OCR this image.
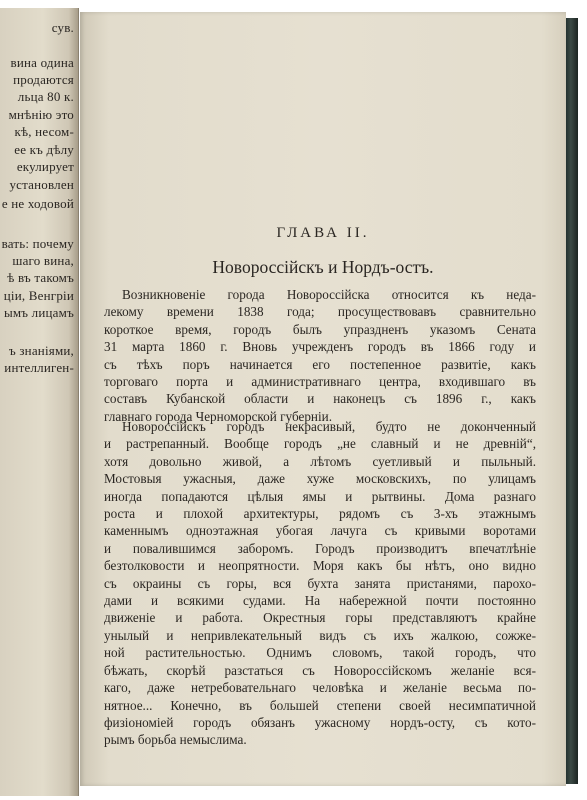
сув.
вина одина
продаются
льца 80 к.
мнѣнію это
кѣ, несом-
ее къ дѣлу
екулирует
установлен
е не ходовой
вать: почему
шаго вина,
ѣ въ такомъ
ціи, Венгріи
ымъ лицамъ
ъ знаніями,
интеллиген-
ГЛАВА II.
Новороссійскъ и Нордъ-остъ.
Возникновеніе города Новороссійска относится къ неда-
лекому времени 1838 года; просуществовавъ сравнительно
короткое время, городъ былъ упраздненъ указомъ Сената
31 марта 1860 г. Вновь учрежденъ городъ въ 1866 году и
съ тѣхъ поръ начинается его постепенное развитіе, какъ
торговаго порта и административнаго центра, входившаго въ
составъ Кубанской области и наконецъ съ 1896 г., какъ
главнаго города Черноморской губерніи.
Новороссійскъ городъ некрасивый, будто не доконченный
и растрепанный. Вообще городъ „не славный и не древній“,
хотя довольно живой, а лѣтомъ суетливый и пыльный.
Мостовыя ужасныя, даже хуже московскихъ, по улицамъ
иногда попадаются цѣлыя ямы и рытвины. Дома разнаго
роста и плохой архитектуры, рядомъ съ 3-хъ этажнымъ
каменнымъ одноэтажная убогая лачуга съ кривыми воротами
и повалившимся заборомъ. Городъ производитъ впечатлѣніе
безтолковости и неопрятности. Моря какъ бы нѣтъ, оно видно
съ окраины съ горы, вся бухта занята пристанями, парохо-
дами и всякими судами. На набережной почти постоянно
движеніе и работа. Окрестныя горы представляютъ крайне
унылый и непривлекательный видъ съ ихъ жалкою, сожже-
ной растительностью. Однимъ словомъ, такой городъ, что
бѣжать, скорѣй разстаться съ Новороссійскомъ желаніе вся-
каго, даже нетребовательнаго человѣка и желаніе весьма по-
нятное... Конечно, въ большей степени своей несимпатичной
физіономіей городъ обязанъ ужасному нордъ-осту, съ кото-
рымъ борьба немыслима.
